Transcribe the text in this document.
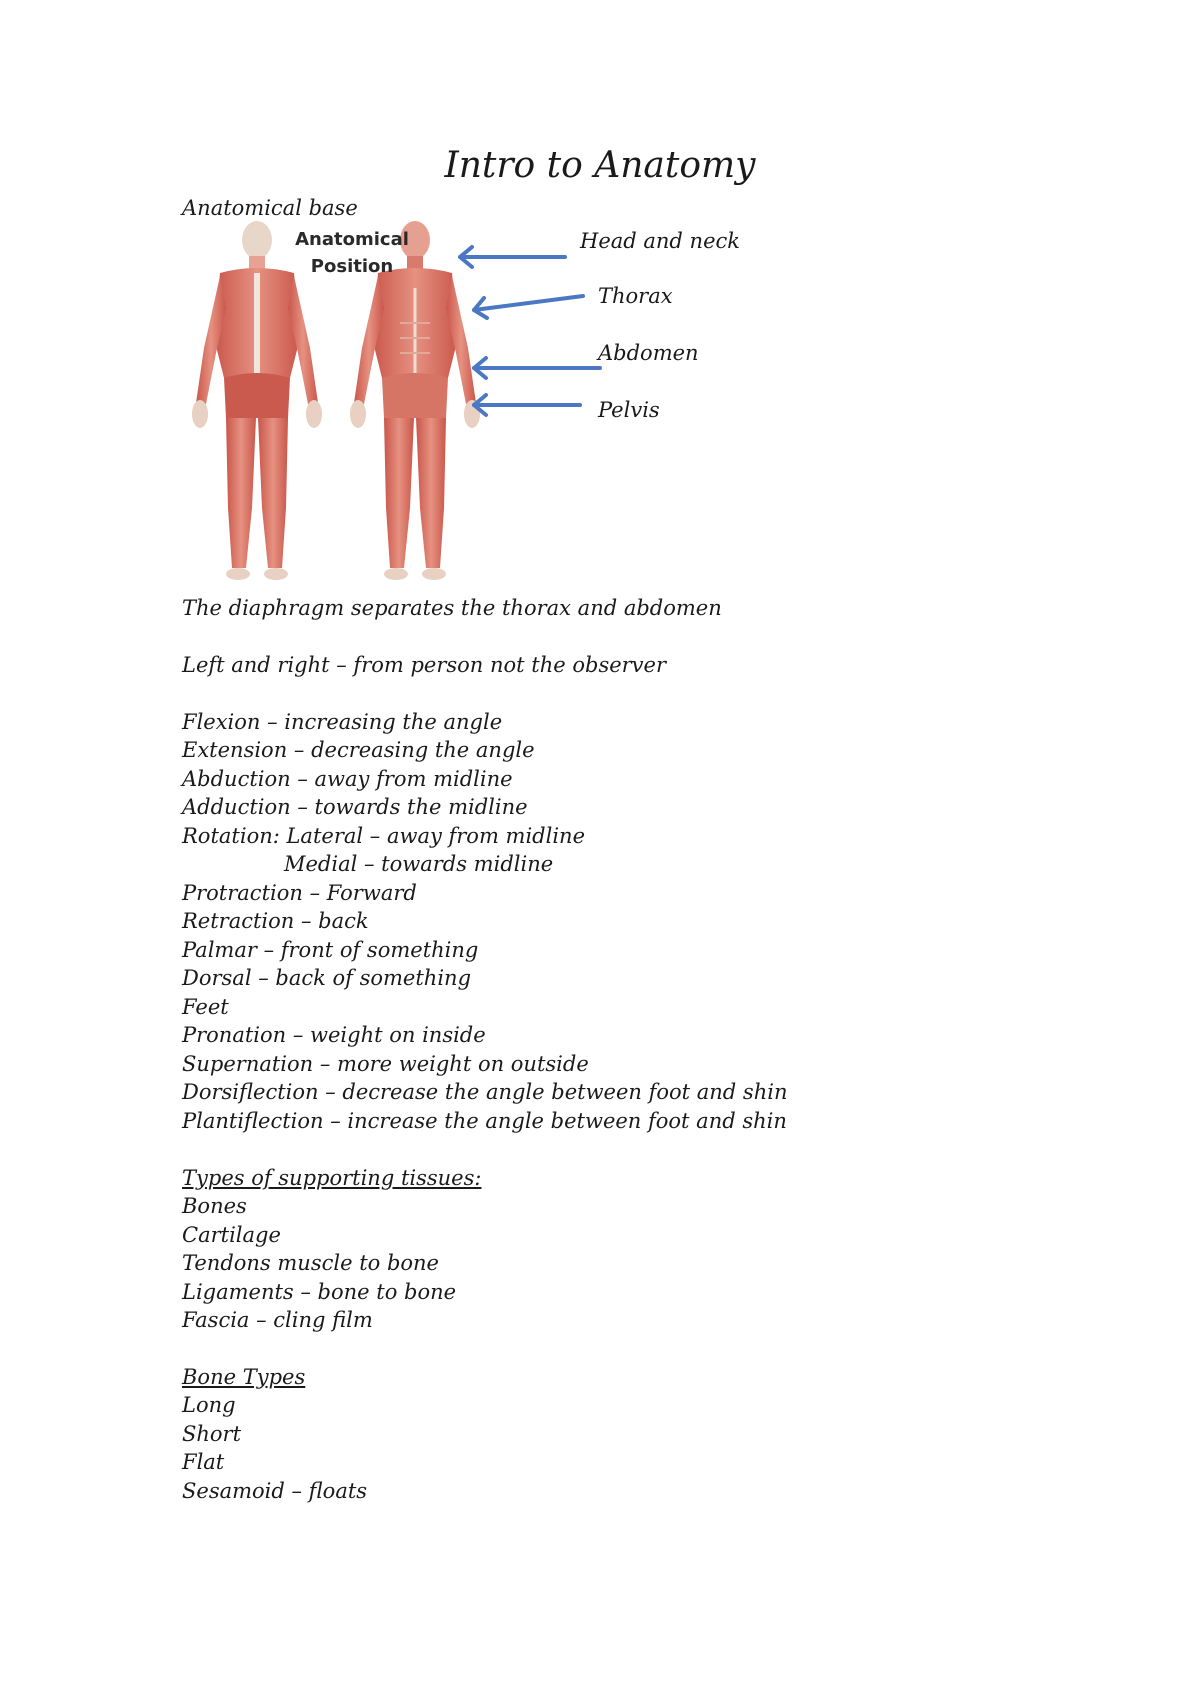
Intro to Anatomy
Anatomical base
Anatomical
Position
Head and neck
Thorax
Abdomen
Pelvis
The diaphragm separates the thorax and abdomen
Left and right – from person not the observer
Flexion – increasing the angle
Extension – decreasing the angle
Abduction – away from midline
Adduction – towards the midline
Rotation: Lateral – away from midline
Medial – towards midline
Protraction – Forward
Retraction – back
Palmar – front of something
Dorsal – back of something
Feet
Pronation – weight on inside
Supernation – more weight on outside
Dorsiflection – decrease the angle between foot and shin
Plantiflection – increase the angle between foot and shin
Types of supporting tissues:
Bones
Cartilage
Tendons muscle to bone
Ligaments – bone to bone
Fascia – cling film
Bone Types
Long
Short
Flat
Sesamoid – floats
